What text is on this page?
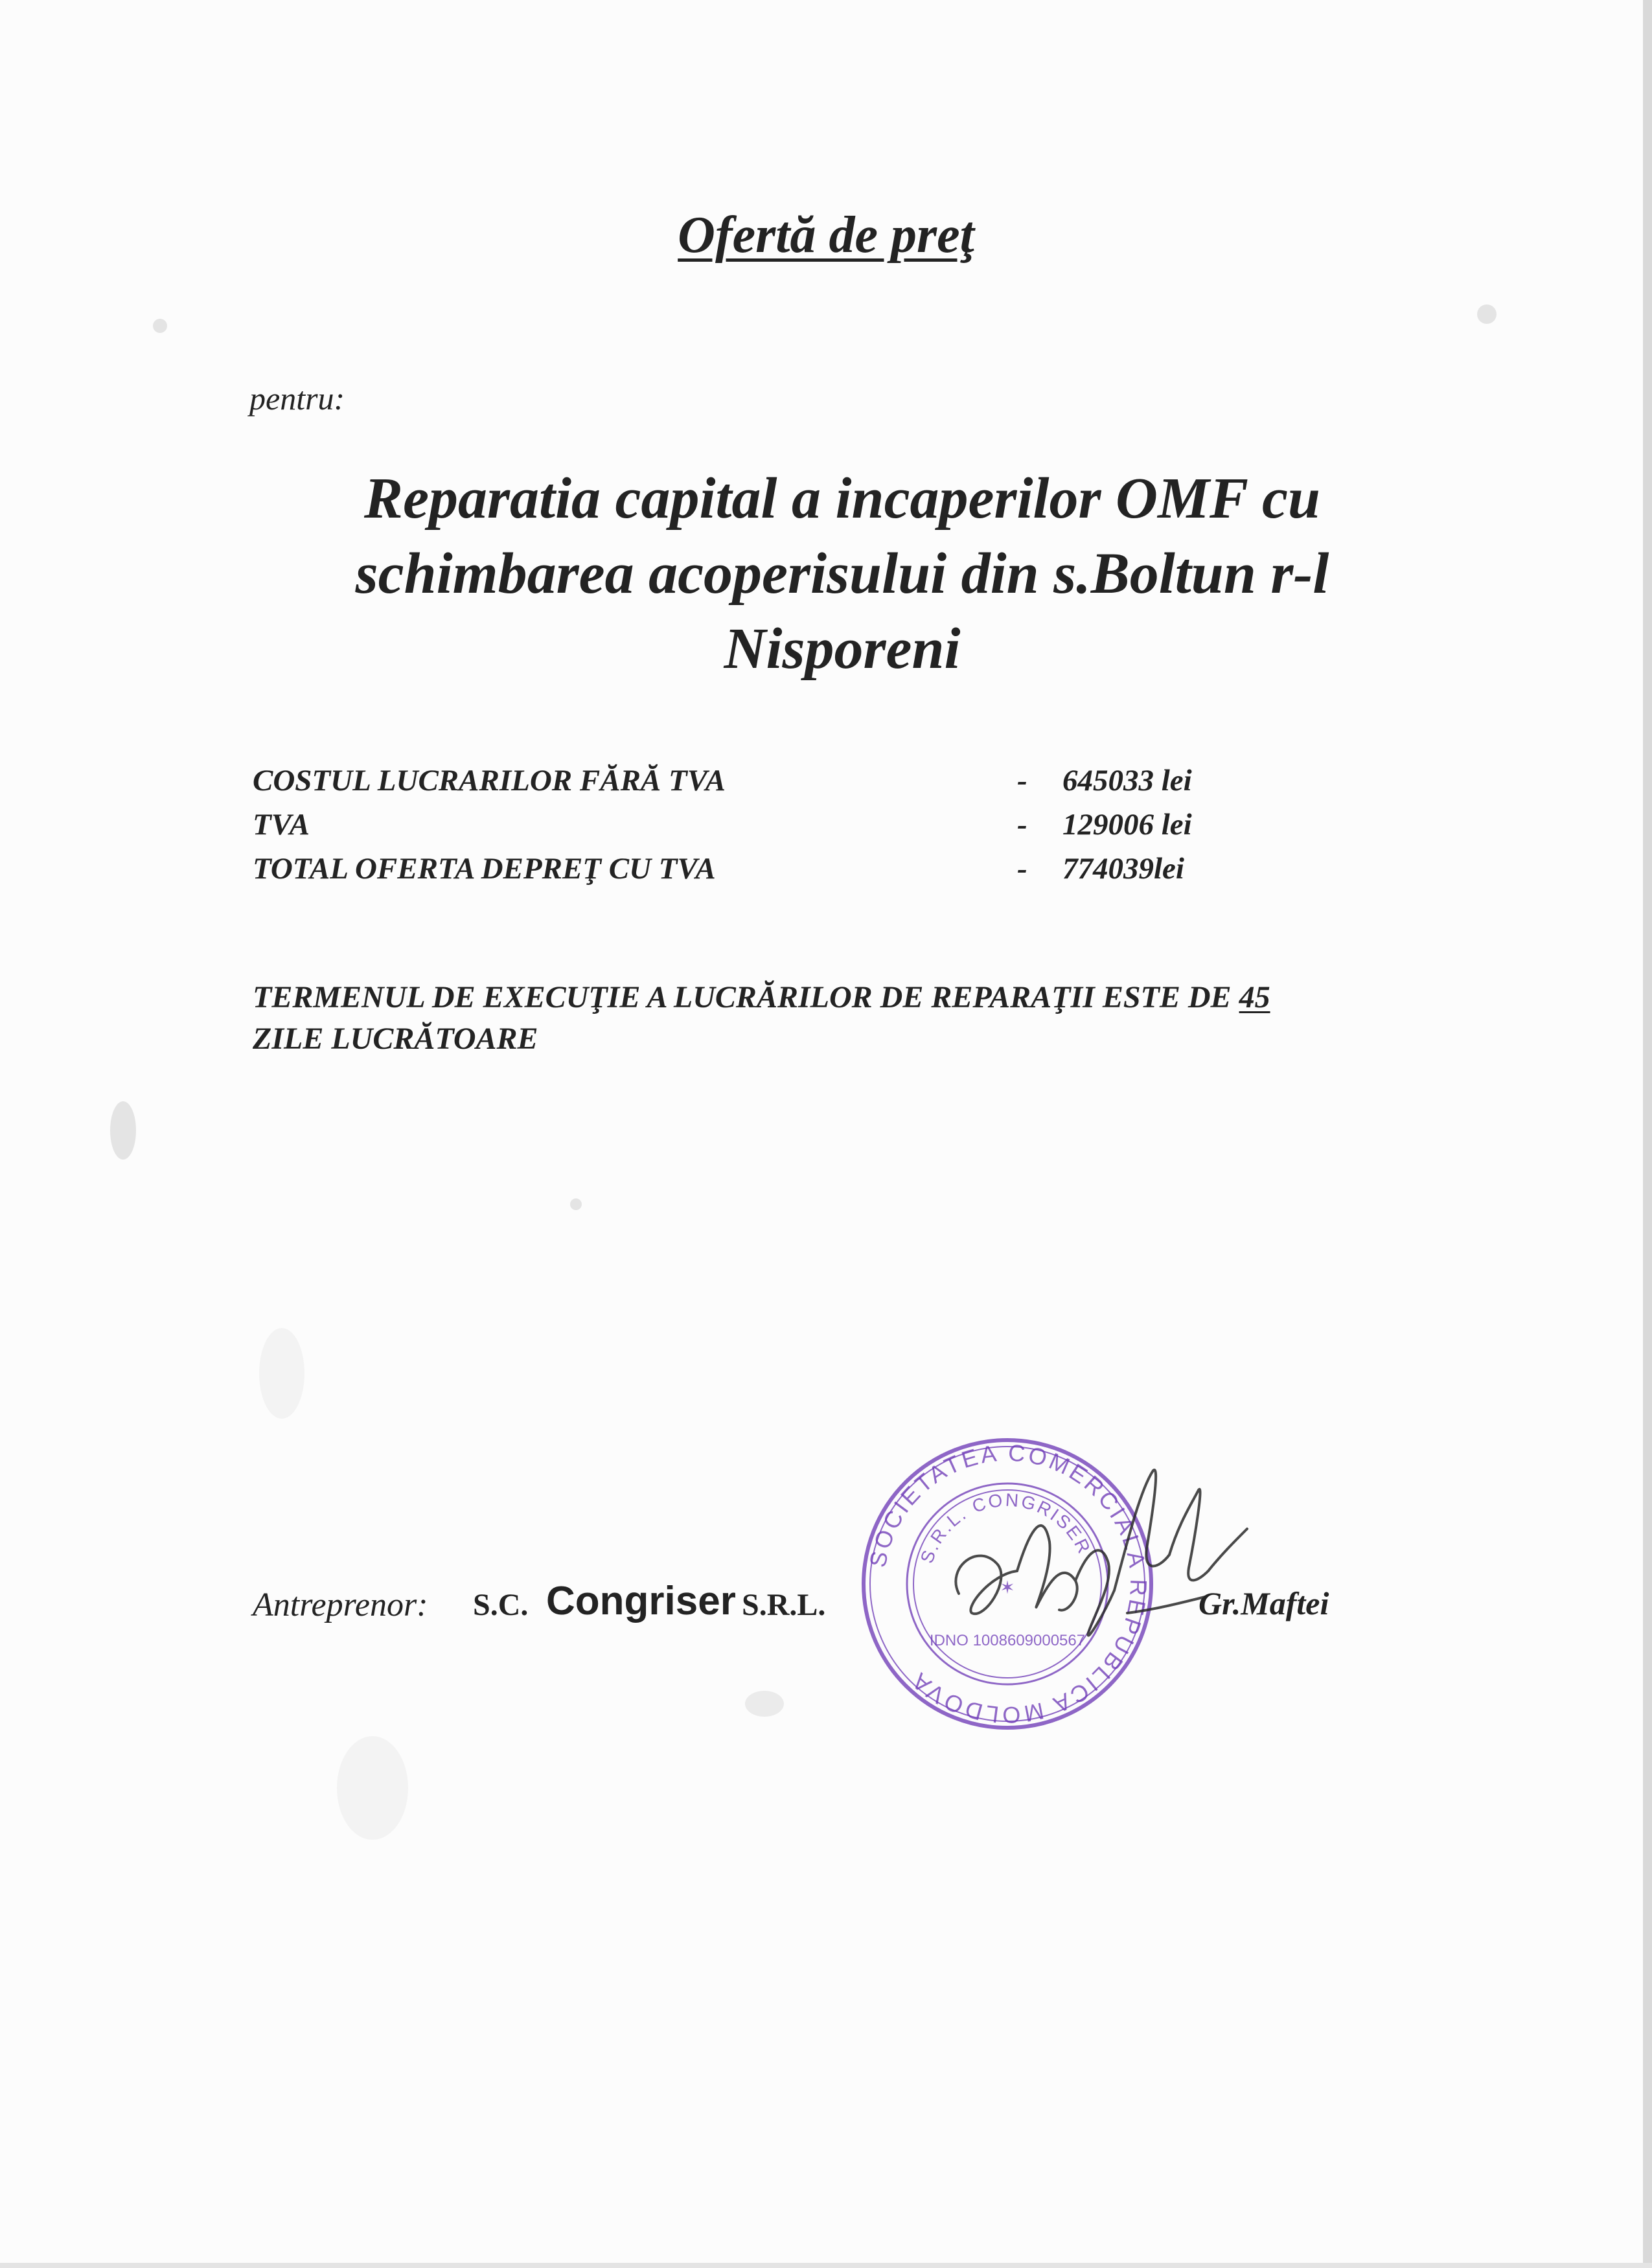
Ofertă de preţ
pentru:
Reparatia capital a incaperilor OMF cu
schimbarea acoperisului din s.Boltun r-l
Nisporeni
COSTUL LUCRARILOR FĂRĂ TVA	- 645033 lei
TVA	- 129006 lei
TOTAL OFERTA DEPREŢ CU TVA	- 774039lei
TERMENUL DE EXECUŢIE A LUCRĂRILOR DE REPARAŢII ESTE DE 45
ZILE LUCRĂTOARE
SOCIETATEA COMERCIALA REPUBLICA MOLDOVA
S.R.L. CONGRISER
IDNO 1008609000567
✶
Antreprenor: S.C. Congriser S.R.L.	Gr.Maftei
